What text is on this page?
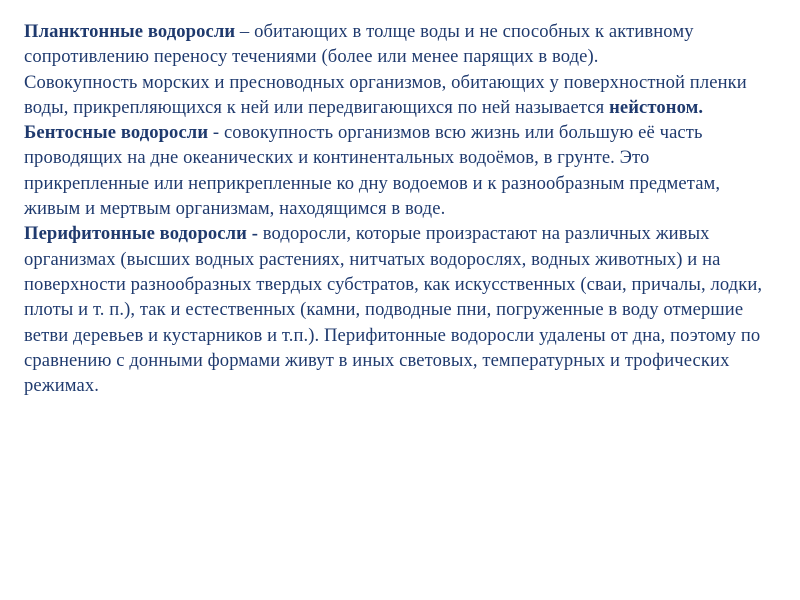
Планктонные водоросли – обитающих в толще воды и не способных к активному сопротивлению переносу течениями (более или менее парящих в воде).

Совокупность морских и пресноводных организмов, обитающих у поверхностной пленки воды, прикрепляющихся к ней или передвигающихся по ней называется нейстоном.

Бентосные водоросли - совокупность организмов всю жизнь или большую её часть проводящих на дне океанических и континентальных водоёмов, в грунте. Это прикрепленные или неприкрепленные ко дну водоемов и к разнообразным предметам, живым и мертвым организмам, находящимся в воде.

Перифитонные водоросли - водоросли, которые произрастают на различных живых организмах (высших водных растениях, нитчатых водорослях, водных животных) и на поверхности разнообразных твердых субстратов, как искусственных (сваи, причалы, лодки, плоты и т. п.), так и естественных (камни, подводные пни, погруженные в воду отмершие ветви деревьев и кустарников и т.п.). Перифитонные водоросли удалены от дна, поэтому по сравнению с донными формами живут в иных световых, температурных и трофических режимах.
